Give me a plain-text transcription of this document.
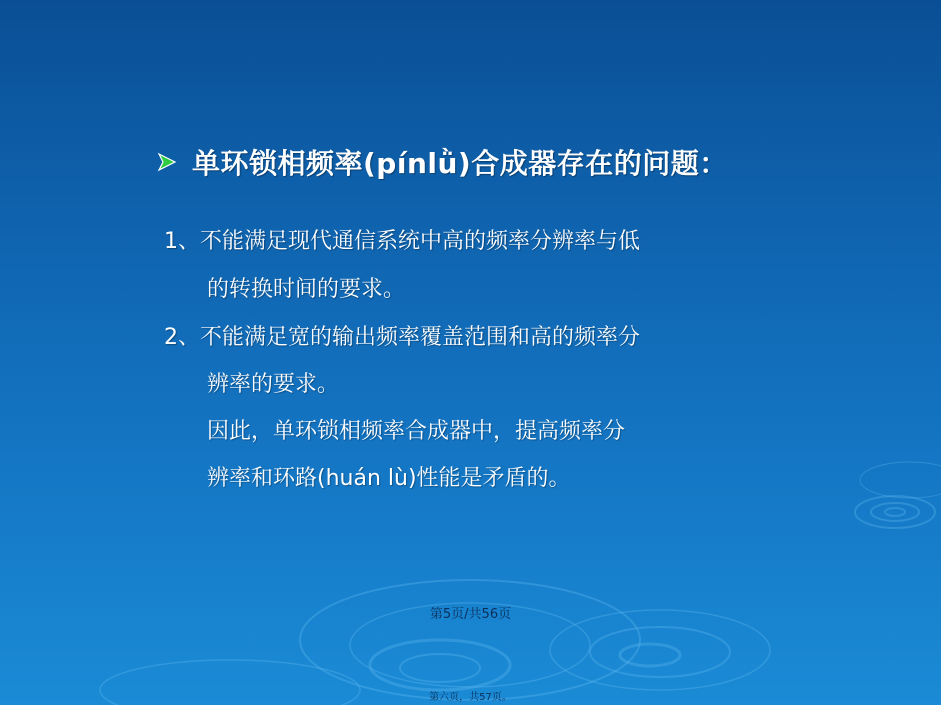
单环锁相频率(pínlǜ)合成器存在的问题：
1、不能满足现代通信系统中高的频率分辨率与低
的转换时间的要求。
2、不能满足宽的输出频率覆盖范围和高的频率分
辨率的要求。
因此，单环锁相频率合成器中，提高频率分
辨率和环路(huán lù)性能是矛盾的。
第5页/共56页
第六页，共57页。
